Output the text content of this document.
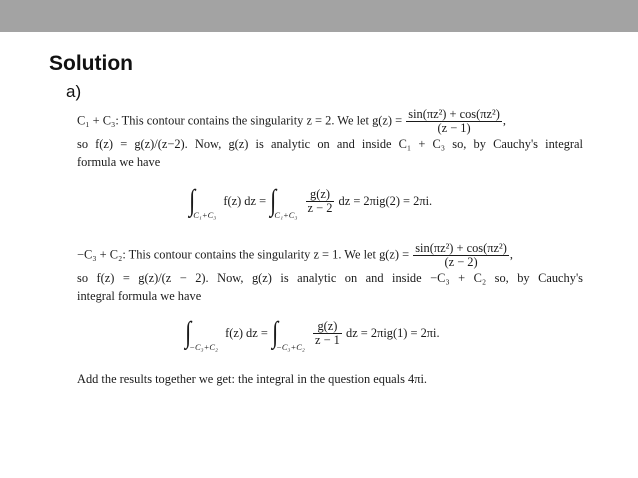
Solution
a)
C₁ + C₃: This contour contains the singularity z = 2. We let $g(z) = \frac{\text{sin(πz²) + cos(πz²)}}{(z - 1)}$ ,
so f(z) = g(z)/(z−2). Now, g(z) is analytic on and inside C₁ + C₃ so, by Cauchy's integral
formula we have
$\int_{C_1+C_3}$ f(z) dz = $\int_{C_1+C_3}$
$\frac{g(z)}{z - 2}$ dz = 2πig(2) = 2πi.
−C₃ + C₂: This contour contains the singularity z = 1. We let $g(z) = \frac{\text{sin(πz²) + cos(πz²)}}{(z - 2)}$ ,
so f(z) = g(z)/(z − 2). Now, g(z) is analytic on and inside −C₃ + C₂ so, by Cauchy's
integral formula we have
$\int_{-C_3+C_2}$ f(z) dz = $\int_{-C_3+C_2}$
$\frac{g(z)}{z - 1}$ dz = 2πig(1) = 2πi.
Add the results together we get: the integral in the question equals 4πi.
